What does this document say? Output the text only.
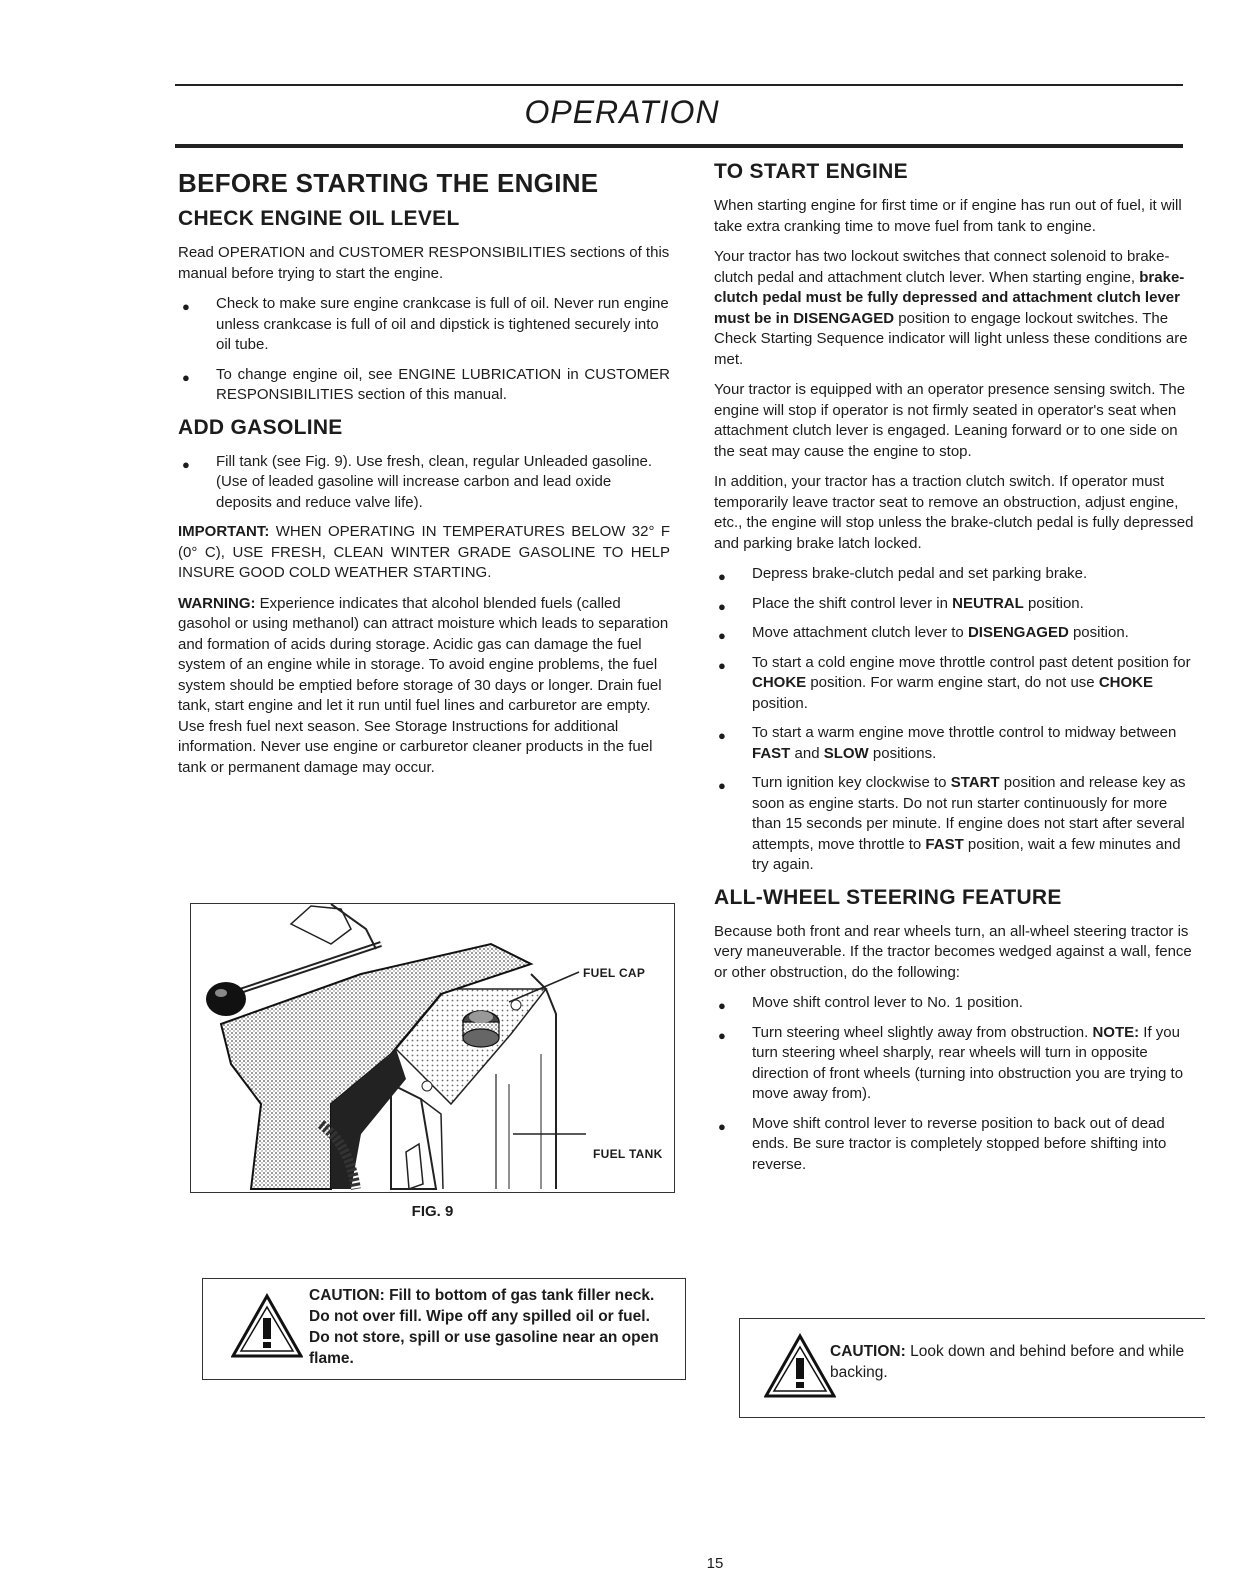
OPERATION
BEFORE STARTING THE ENGINE
CHECK ENGINE OIL LEVEL

Read OPERATION and CUSTOMER RESPONSIBILITIES sections of this manual before trying to start the engine.

● Check to make sure engine crankcase is full of oil. Never run engine unless crankcase is full of oil and dipstick is tightened securely into oil tube.
● To change engine oil, see ENGINE LUBRICATION in CUSTOMER RESPONSIBILITIES section of this manual.
ADD GASOLINE
● Fill tank (see Fig. 9). Use fresh, clean, regular Unleaded gasoline. (Use of leaded gasoline will increase carbon and lead oxide deposits and reduce valve life).

IMPORTANT: WHEN OPERATING IN TEMPERATURES BELOW 32° F (0° C), USE FRESH, CLEAN WINTER GRADE GASOLINE TO HELP INSURE GOOD COLD WEATHER STARTING.

WARNING: Experience indicates that alcohol blended fuels (called gasohol or using methanol) can attract moisture which leads to separation and formation of acids during storage. Acidic gas can damage the fuel system of an engine while in storage. To avoid engine problems, the fuel system should be emptied before storage of 30 days or longer. Drain fuel tank, start engine and let it run until fuel lines and carburetor are empty. Use fresh fuel next season. See Storage Instructions for additional information. Never use engine or carburetor cleaner products in the fuel tank or permanent damage may occur.

FUEL CAP
FUEL TANK
FIG. 9
CAUTION: Fill to bottom of gas tank filler neck. Do not over fill. Wipe off any spilled oil or fuel. Do not store, spill or use gasoline near an open flame.
TO START ENGINE

When starting engine for first time or if engine has run out of fuel, it will take extra cranking time to move fuel from tank to engine.

Your tractor has two lockout switches that connect solenoid to brake-clutch pedal and attachment clutch lever. When starting engine, brake-clutch pedal must be fully depressed and attachment clutch lever must be in DISENGAGED position to engage lockout switches. The Check Starting Sequence indicator will light unless these conditions are met.

Your tractor is equipped with an operator presence sensing switch. The engine will stop if operator is not firmly seated in operator's seat when attachment clutch lever is engaged. Leaning forward or to one side on the seat may cause the engine to stop.

In addition, your tractor has a traction clutch switch. If operator must temporarily leave tractor seat to remove an obstruction, adjust engine, etc., the engine will stop unless the brake-clutch pedal is fully depressed and parking brake latch locked.

● Depress brake-clutch pedal and set parking brake.
● Place the shift control lever in NEUTRAL position.
● Move attachment clutch lever to DISENGAGED position.
● To start a cold engine move throttle control past detent position for CHOKE position. For warm engine start, do not use CHOKE position.
● To start a warm engine move throttle control to midway between FAST and SLOW positions.
● Turn ignition key clockwise to START position and release key as soon as engine starts. Do not run starter continuously for more than 15 seconds per minute. If engine does not start after several attempts, move throttle to FAST position, wait a few minutes and try again.
ALL-WHEEL STEERING FEATURE

Because both front and rear wheels turn, an all-wheel steering tractor is very maneuverable. If the tractor becomes wedged against a wall, fence or other obstruction, do the following:

● Move shift control lever to No. 1 position.
● Turn steering wheel slightly away from obstruction. NOTE: If you turn steering wheel sharply, rear wheels will turn in opposite direction of front wheels (turning into obstruction you are trying to move away from).
● Move shift control lever to reverse position to back out of dead ends. Be sure tractor is completely stopped before shifting into reverse.
CAUTION: Look down and behind before and while backing.
15
